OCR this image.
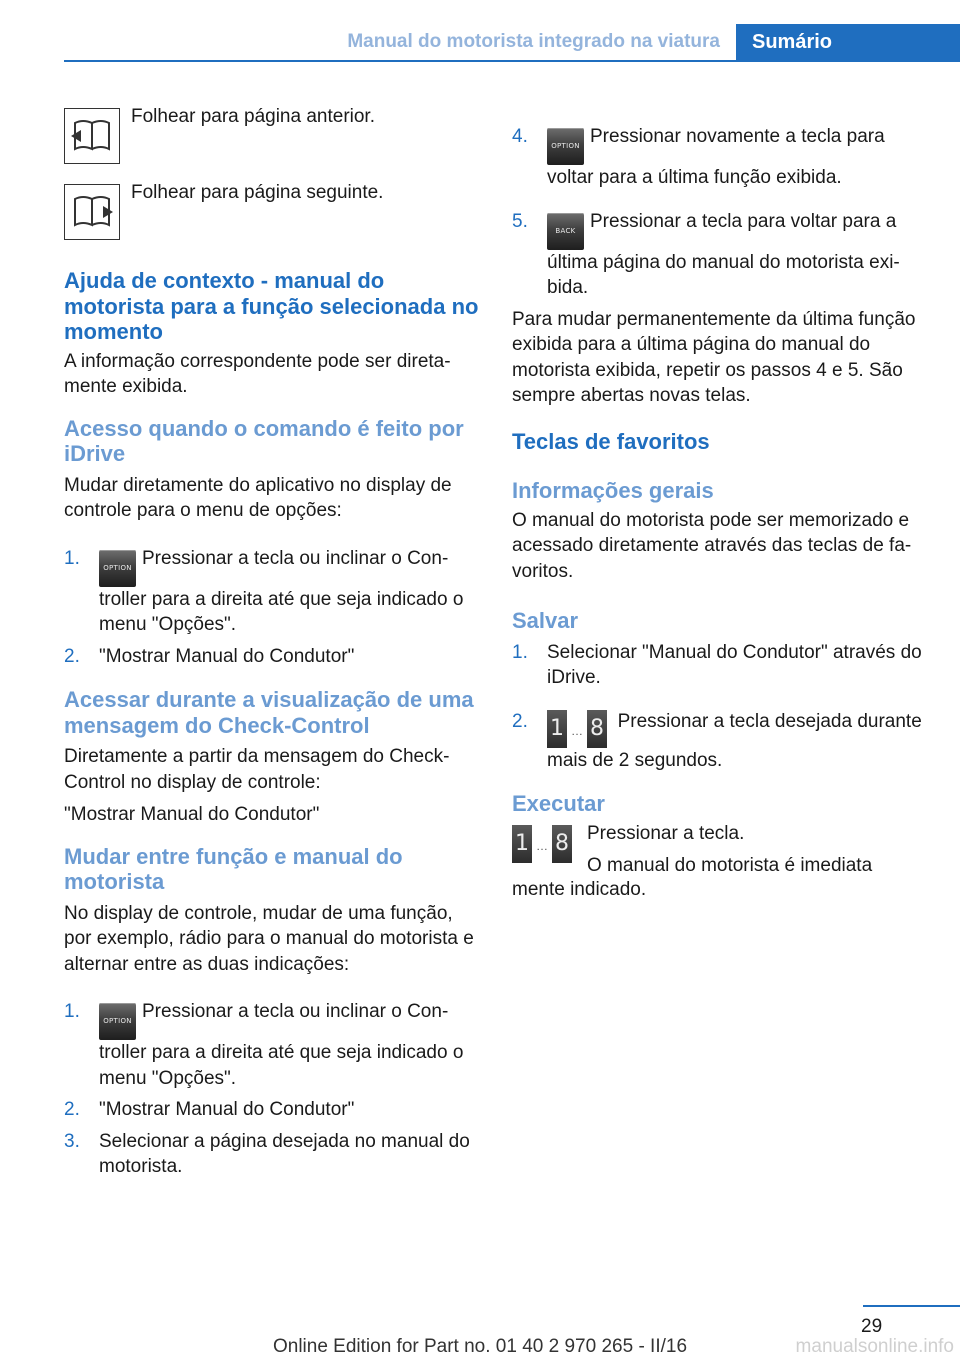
Manual do motorista integrado na viatura	Sumário
Folhear para página anterior.
Folhear para página seguinte.
Ajuda de contexto - manual do motorista para a função selecionada no momento

A informação correspondente pode ser diretamente exibida.

Acesso quando o comando é feito por iDrive

Mudar diretamente do aplicativo no display de controle para o menu de opções:

1.	OPTION Pressionar a tecla ou inclinar o Controller para a direita até que seja indicado o menu "Opções".

2. "Mostrar Manual do Condutor"

Acessar durante a visualização de uma mensagem do Check-Control

Diretamente a partir da mensagem do Check-Control no display de controle:

"Mostrar Manual do Condutor"

Mudar entre função e manual do motorista

No display de controle, mudar de uma função, por exemplo, rádio para o manual do motorista e alternar entre as duas indicações:

1.	OPTION Pressionar a tecla ou inclinar o Controller para a direita até que seja indicado o menu "Opções".

2. "Mostrar Manual do Condutor"

3. Selecionar a página desejada no manual do motorista.

4.	OPTION Pressionar novamente a tecla para voltar para a última função exibida.

5.	BACK Pressionar a tecla para voltar para a última página do manual do motorista exibida.

Para mudar permanentemente da última função exibida para a última página do manual do motorista exibida, repetir os passos 4 e 5. São sempre abertas novas telas.

Teclas de favoritos
Informações gerais

O manual do motorista pode ser memorizado e acessado diretamente através das teclas de favoritos.

Salvar
1. Selecionar "Manual do Condutor" através do iDrive.

2. 1 … 8 Pressionar a tecla desejada durante mais de 2 segundos.

Executar
1 … 8 Pressionar a tecla.

O manual do motorista é imediata

mente indicado.

29
Online Edition for Part no. 01 40 2 970 265 - II/16	manualsonline.info
